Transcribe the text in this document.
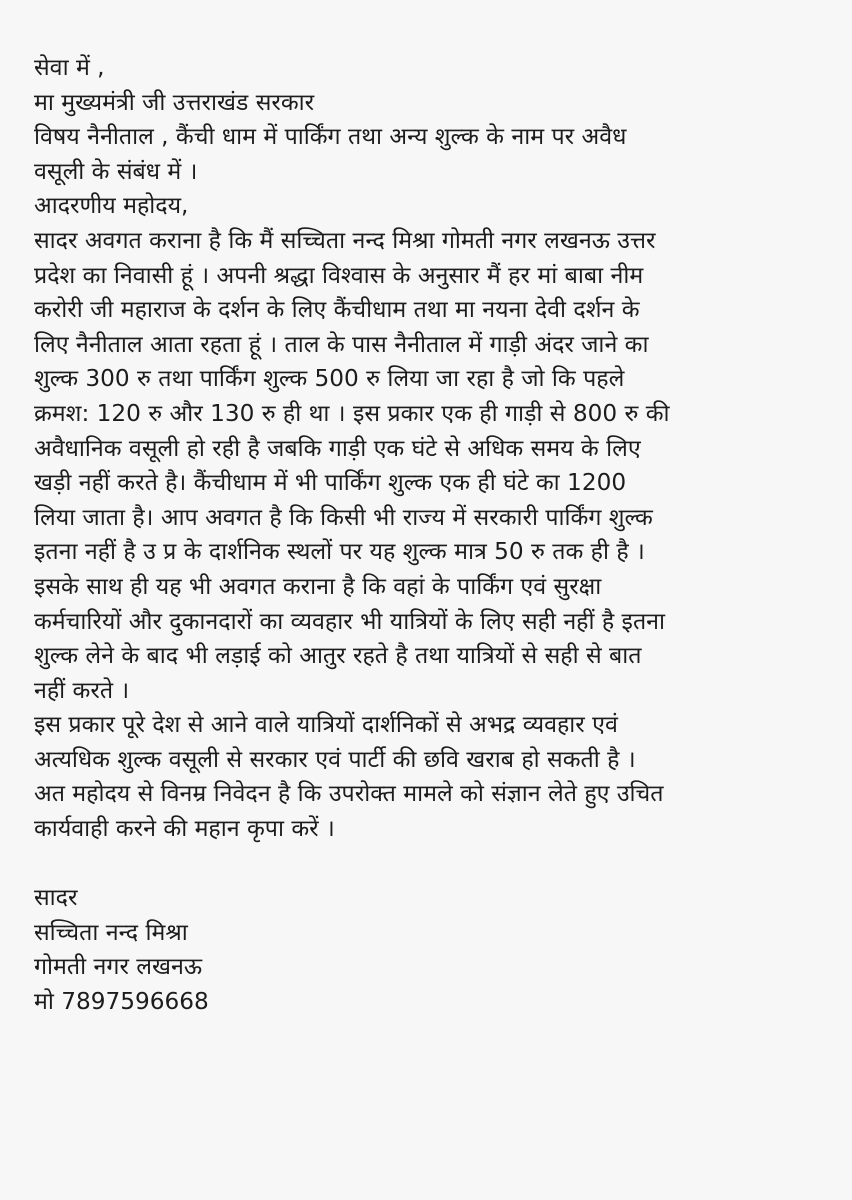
सेवा में ,
मा मुख्यमंत्री जी उत्तराखंड सरकार
विषय नैनीताल , कैंची धाम में पार्किंग तथा अन्य शुल्क के नाम पर अवैध
वसूली के संबंध में ।
आदरणीय महोदय,
सादर अवगत कराना है कि मैं सच्चिता नन्द मिश्रा गोमती नगर लखनऊ उत्तर
प्रदेश का निवासी हूं । अपनी श्रद्धा विश्वास के अनुसार मैं हर मां बाबा नीम
करोरी जी महाराज के दर्शन के लिए कैंचीधाम तथा मा नयना देवी दर्शन के
लिए नैनीताल आता रहता हूं । ताल के पास नैनीताल में गाड़ी अंदर जाने का
शुल्क 300 रु तथा पार्किंग शुल्क 500 रु लिया जा रहा है जो कि पहले
क्रमश: 120 रु और 130 रु ही था । इस प्रकार एक ही गाड़ी से 800 रु की
अवैधानिक वसूली हो रही है जबकि गाड़ी एक घंटे से अधिक समय के लिए
खड़ी नहीं करते है। कैंचीधाम में भी पार्किंग शुल्क एक ही घंटे का 1200
लिया जाता है। आप अवगत है कि किसी भी राज्य में सरकारी पार्किंग शुल्क
इतना नहीं है उ प्र के दार्शनिक स्थलों पर यह शुल्क मात्र 50 रु तक ही है ।
इसके साथ ही यह भी अवगत कराना है कि वहां के पार्किंग एवं सुरक्षा
कर्मचारियों और दुकानदारों का व्यवहार भी यात्रियों के लिए सही नहीं है इतना
शुल्क लेने के बाद भी लड़ाई को आतुर रहते है तथा यात्रियों से सही से बात
नहीं करते ।
इस प्रकार पूरे देश से आने वाले यात्रियों दार्शनिकों से अभद्र व्यवहार एवं
अत्यधिक शुल्क वसूली से सरकार एवं पार्टी की छवि खराब हो सकती है ।
अत महोदय से विनम्र निवेदन है कि उपरोक्त मामले को संज्ञान लेते हुए उचित
कार्यवाही करने की महान कृपा करें ।
सादर
सच्चिता नन्द मिश्रा
गोमती नगर लखनऊ
मो 7897596668
